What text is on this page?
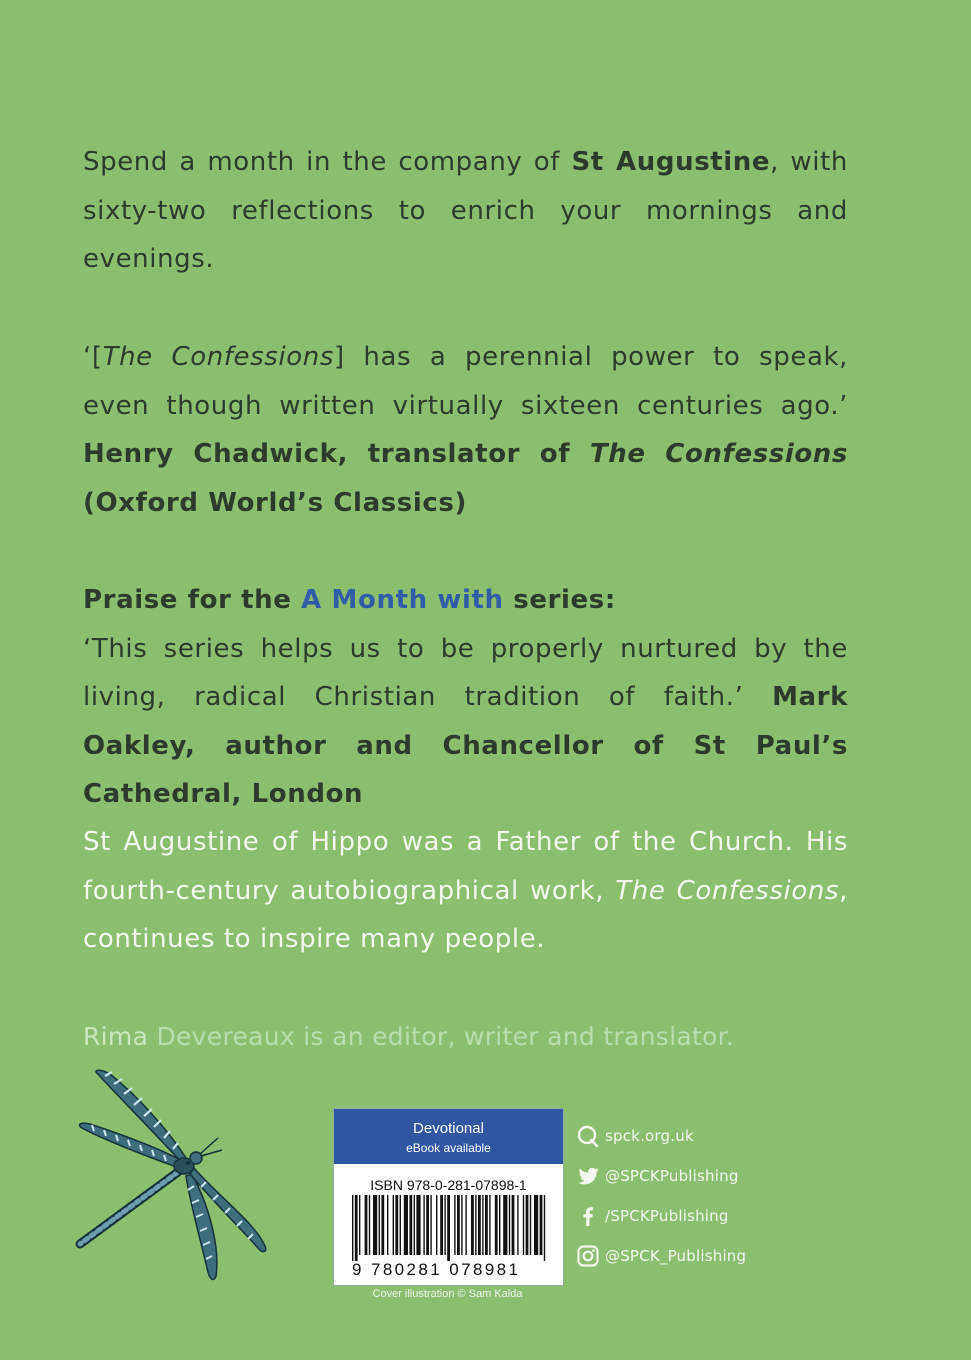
Spend a month in the company of St Augustine, with sixty-two reflections to enrich your mornings and evenings.

‘[The Confessions] has a perennial power to speak, even though written virtually sixteen centuries ago.’ Henry Chadwick, translator of The Confessions (Oxford World’s Classics)

Praise for the A Month with series:
‘This series helps us to be properly nurtured by the living, radical Christian tradition of faith.’ Mark Oakley, author and Chancellor of St Paul’s Cathedral, London

St Augustine of Hippo was a Father of the Church. His fourth-century autobiographical work, The Confessions, continues to inspire many people.

Rima Devereaux is an editor, writer and translator.

Devotional
eBook available
ISBN 978-0-281-07898-1
9 780281 078981
Cover illustration © Sam Kalda
spck.org.uk
@SPCKPublishing
/SPCKPublishing
@SPCK_Publishing
